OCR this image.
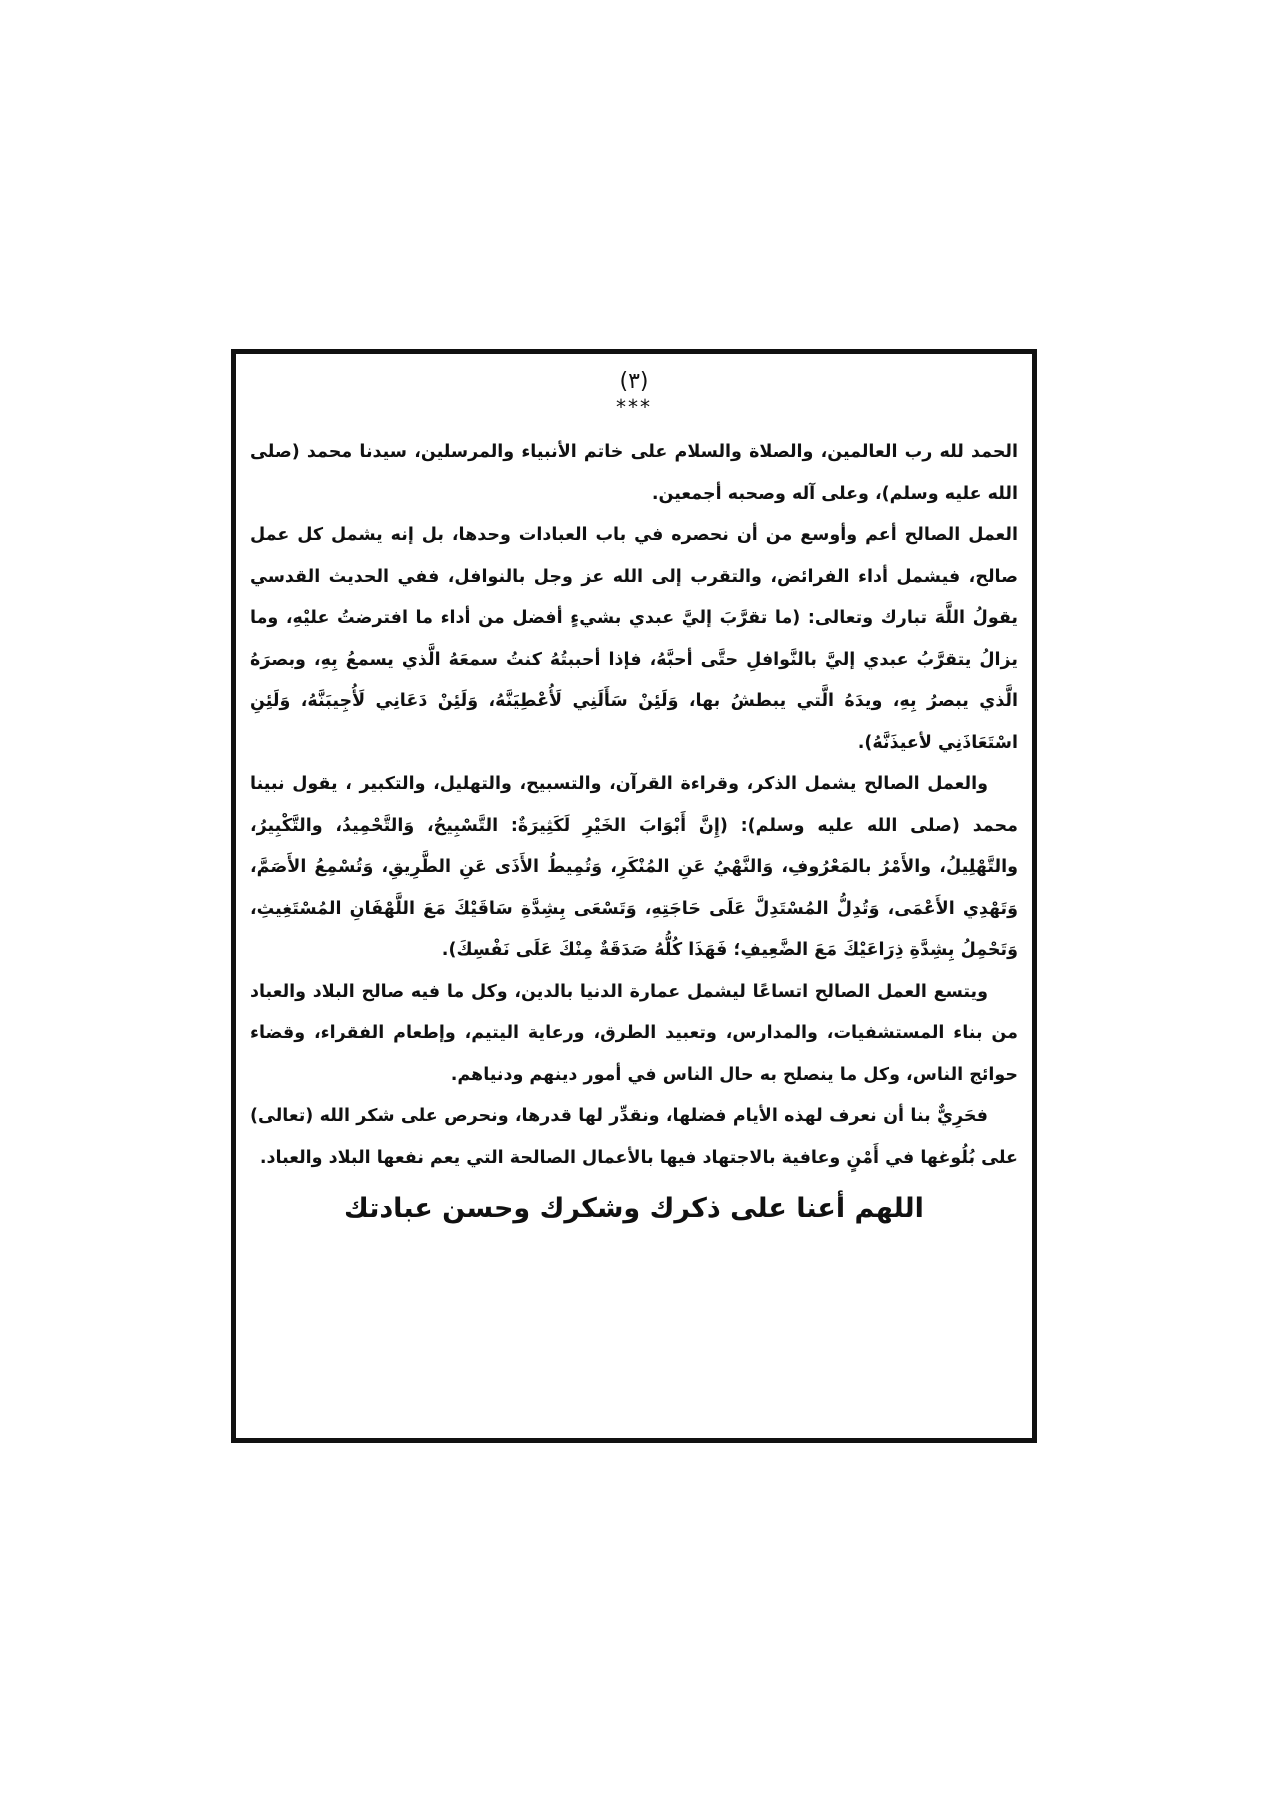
(٣)
***

الحمد لله رب العالمين، والصلاة والسلام على خاتم الأنبياء والمرسلين، سيدنا محمد (صلى الله عليه وسلم)، وعلى آله وصحبه أجمعين.

العمل الصالح أعم وأوسع من أن نحصره في باب العبادات وحدها، بل إنه يشمل كل عمل صالح، فيشمل أداء الفرائض، والتقرب إلى الله عز وجل بالنوافل، ففي الحديث القدسي يقولُ اللَّهَ تبارك وتعالى: (ما تقرَّبَ إليَّ عبدي بشيءٍ أفضل من أداء ما افترضتُ عليْهِ، وما يزالُ يتقرَّبُ عبدي إليَّ بالنَّوافلِ حتَّى أحبَّهُ، فإذا أحببتُهُ كنتُ سمعَهُ الَّذي يسمعُ بِهِ، وبصرَهُ الَّذي يبصرُ بِهِ، ويدَهُ الَّتي يبطشُ بها، وَلَئِنْ سَأَلَنِي لَأُعْطِيَنَّهُ، وَلَئِنْ دَعَانِي لَأُجِيبَنَّهُ، وَلَئِنِ اسْتَعَاذَنِي لأعيذَنَّهُ).

والعمل الصالح يشمل الذكر، وقراءة القرآن، والتسبيح، والتهليل، والتكبير ، يقول نبينا محمد (صلى الله عليه وسلم): (إِنَّ أَبْوَابَ الخَيْرِ لَكَثِيرَةٌ: التَّسْبِيحُ، وَالتَّحْمِيدُ، والتَّكْبِيرُ، والتَّهْلِيلُ، والأَمْرُ بالمَعْرُوفِ، وَالنَّهْيُ عَنِ المُنْكَرِ، وَتُمِيطُ الأَذَى عَنِ الطَّرِيقِ، وَتُسْمِعُ الأَصَمَّ، وَتَهْدِي الأَعْمَى، وَتُدِلُّ المُسْتَدِلَّ عَلَى حَاجَتِهِ، وَتَسْعَى بِشِدَّةِ سَاقَيْكَ مَعَ اللَّهْفَانِ المُسْتَغِيثِ، وَتَحْمِلُ بِشِدَّةِ ذِرَاعَيْكَ مَعَ الضَّعِيفِ؛ فَهَذَا كُلُّهُ صَدَقَةٌ مِنْكَ عَلَى نَفْسِكَ).

ويتسع العمل الصالح اتساعًا ليشمل عمارة الدنيا بالدين، وكل ما فيه صالح البلاد والعباد من بناء المستشفيات، والمدارس، وتعبيد الطرق، ورعاية اليتيم، وإطعام الفقراء، وقضاء حوائج الناس، وكل ما ينصلح به حال الناس في أمور دينهم ودنياهم.

فحَرِيٌّ بنا أن نعرف لهذه الأيام فضلها، ونقدِّر لها قدرها، ونحرص على شكر الله (تعالى) على بُلُوغها في أَمْنٍ وعافية بالاجتهاد فيها بالأعمال الصالحة التي يعم نفعها البلاد والعباد.

اللهم أعنا على ذكرك وشكرك وحسن عبادتك
